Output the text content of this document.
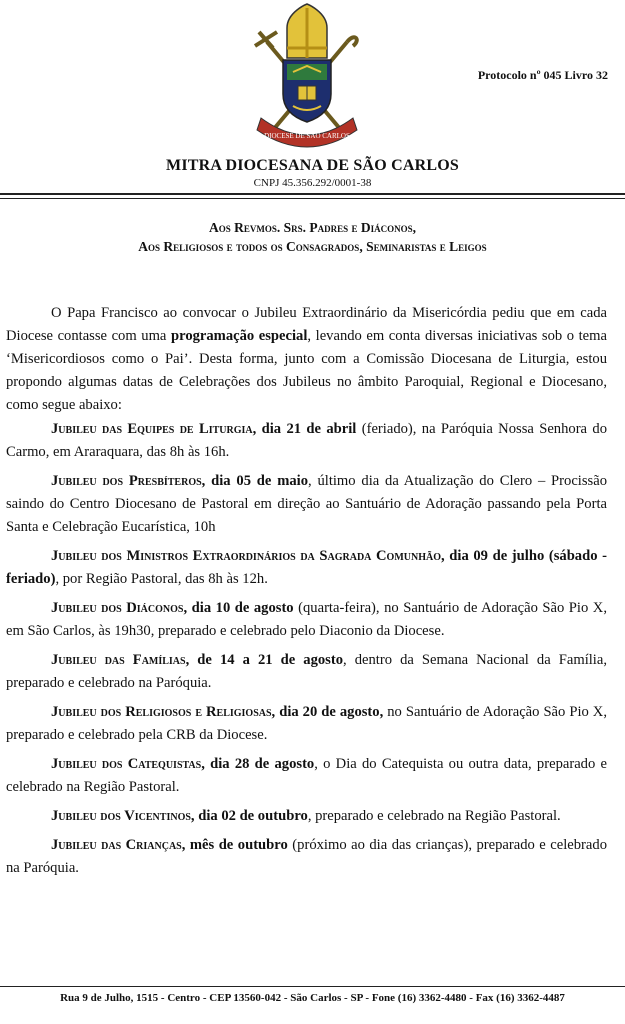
DIOCESE DE SÃO CARLOS
Protocolo nº 045 Livro 32
MITRA DIOCESANA DE SÃO CARLOS
CNPJ 45.356.292/0001-38
Aos Revmos. Srs. Padres e Diáconos,
Aos Religiosos e todos os Consagrados, Seminaristas e Leigos

O Papa Francisco ao convocar o Jubileu Extraordinário da Misericórdia pediu que em cada Diocese contasse com uma programação especial, levando em conta diversas iniciativas sob o tema ‘Misericordiosos como o Pai’. Desta forma, junto com a Comissão Diocesana de Liturgia, estou propondo algumas datas de Celebrações dos Jubileus no âmbito Paroquial, Regional e Diocesano, como segue abaixo:

Jubileu das Equipes de Liturgia, dia 21 de abril (feriado), na Paróquia Nossa Senhora do Carmo, em Araraquara, das 8h às 16h.

Jubileu dos Presbíteros, dia 05 de maio, último dia da Atualização do Clero – Procissão saindo do Centro Diocesano de Pastoral em direção ao Santuário de Adoração passando pela Porta Santa e Celebração Eucarística, 10h

Jubileu dos Ministros Extraordinários da Sagrada Comunhão, dia 09 de julho (sábado - feriado), por Região Pastoral, das 8h às 12h.

Jubileu dos Diáconos, dia 10 de agosto (quarta-feira), no Santuário de Adoração São Pio X, em São Carlos, às 19h30, preparado e celebrado pelo Diaconio da Diocese.

Jubileu das Famílias, de 14 a 21 de agosto, dentro da Semana Nacional da Família, preparado e celebrado na Paróquia.

Jubileu dos Religiosos e Religiosas, dia 20 de agosto, no Santuário de Adoração São Pio X, preparado e celebrado pela CRB da Diocese.

Jubileu dos Catequistas, dia 28 de agosto, o Dia do Catequista ou outra data, preparado e celebrado na Região Pastoral.

Jubileu dos Vicentinos, dia 02 de outubro, preparado e celebrado na Região Pastoral.

Jubileu das Crianças, mês de outubro (próximo ao dia das crianças), preparado e celebrado na Paróquia.

Rua 9 de Julho, 1515 - Centro - CEP 13560-042 - São Carlos - SP - Fone (16) 3362-4480 - Fax (16) 3362-4487
